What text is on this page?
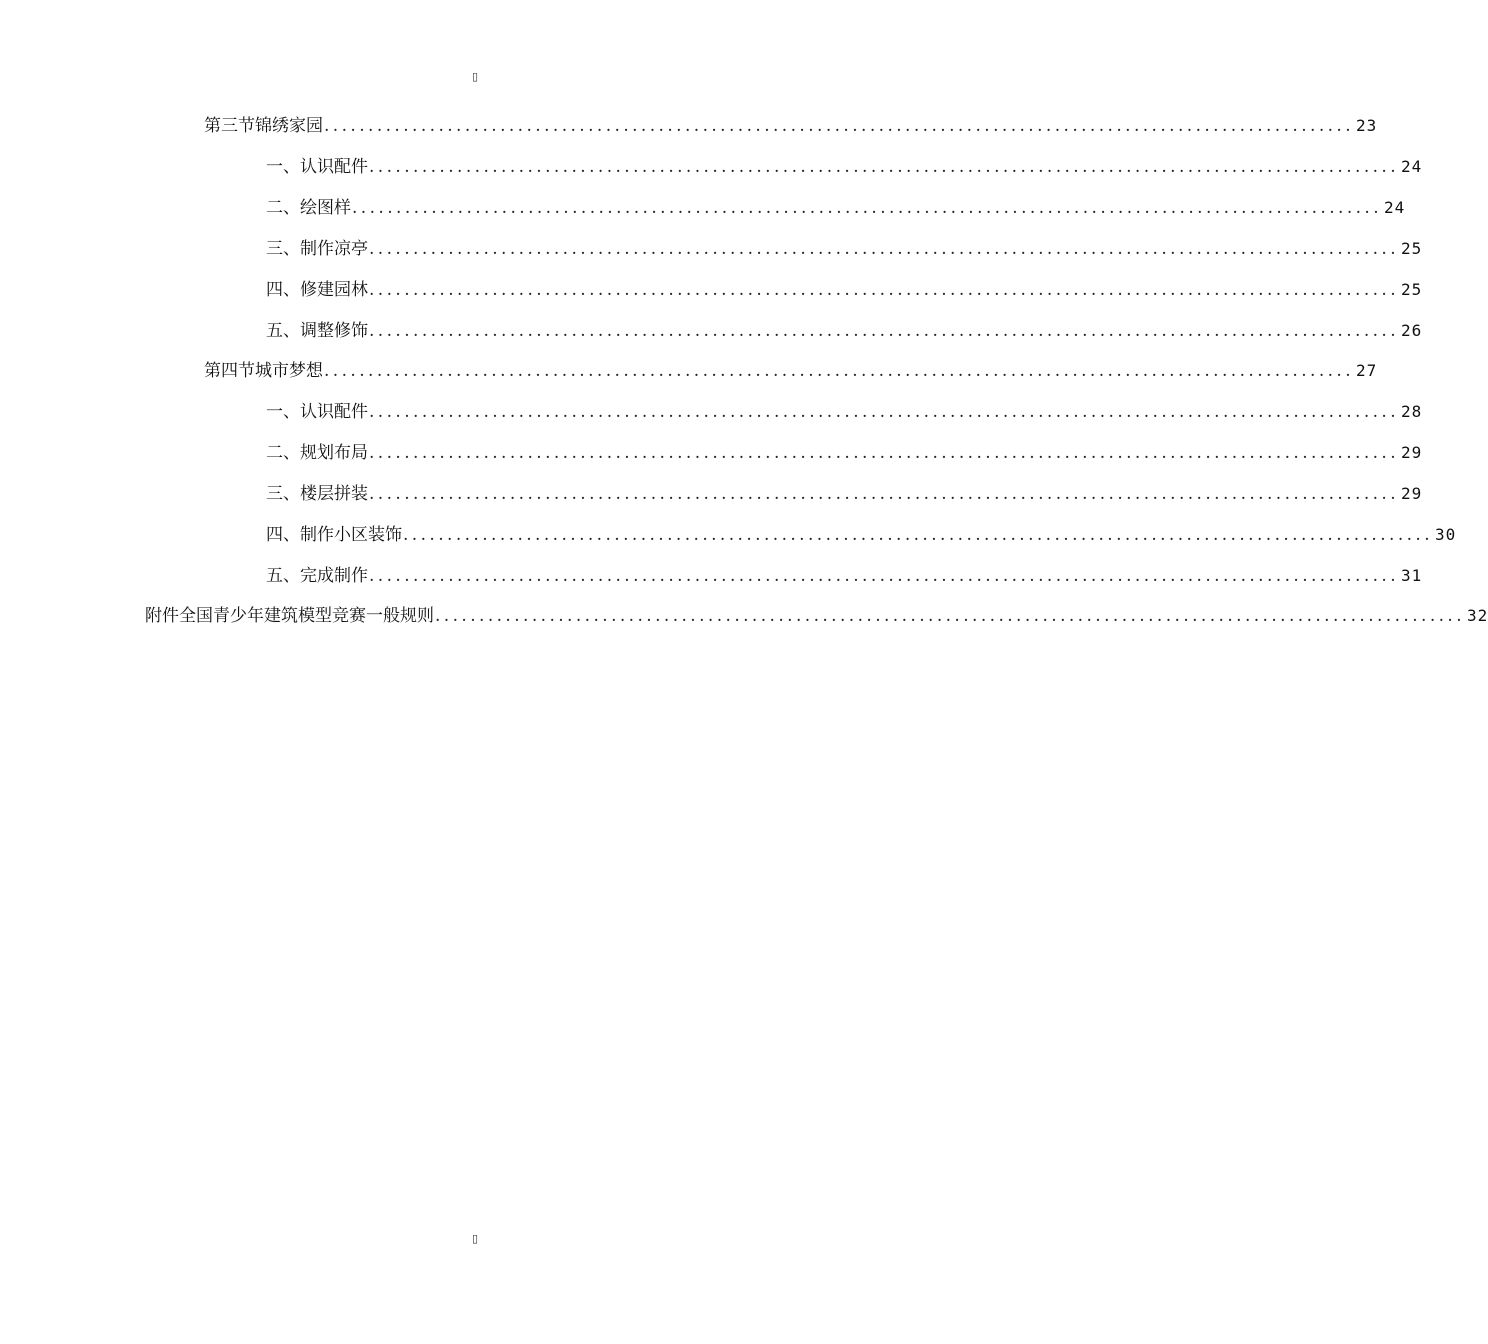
▯
第三节 锦绣家园 ..................................................................................................................... 23
一、认识配件 ..................................................................................................................... 24
二、绘图样 ..................................................................................................................... 24
三、制作凉亭 ..................................................................................................................... 25
四、修建园林 ..................................................................................................................... 25
五、调整修饰 ..................................................................................................................... 26
第四节 城市梦想 ..................................................................................................................... 27
一、认识配件 ..................................................................................................................... 28
二、规划布局 ..................................................................................................................... 29
三、楼层拼装 ..................................................................................................................... 29
四、制作小区装饰 ..................................................................................................................... 30
五、完成制作 ..................................................................................................................... 31
附件 全国青少年建筑模型竞赛一般规则 ..................................................................................................................... 32
▯
